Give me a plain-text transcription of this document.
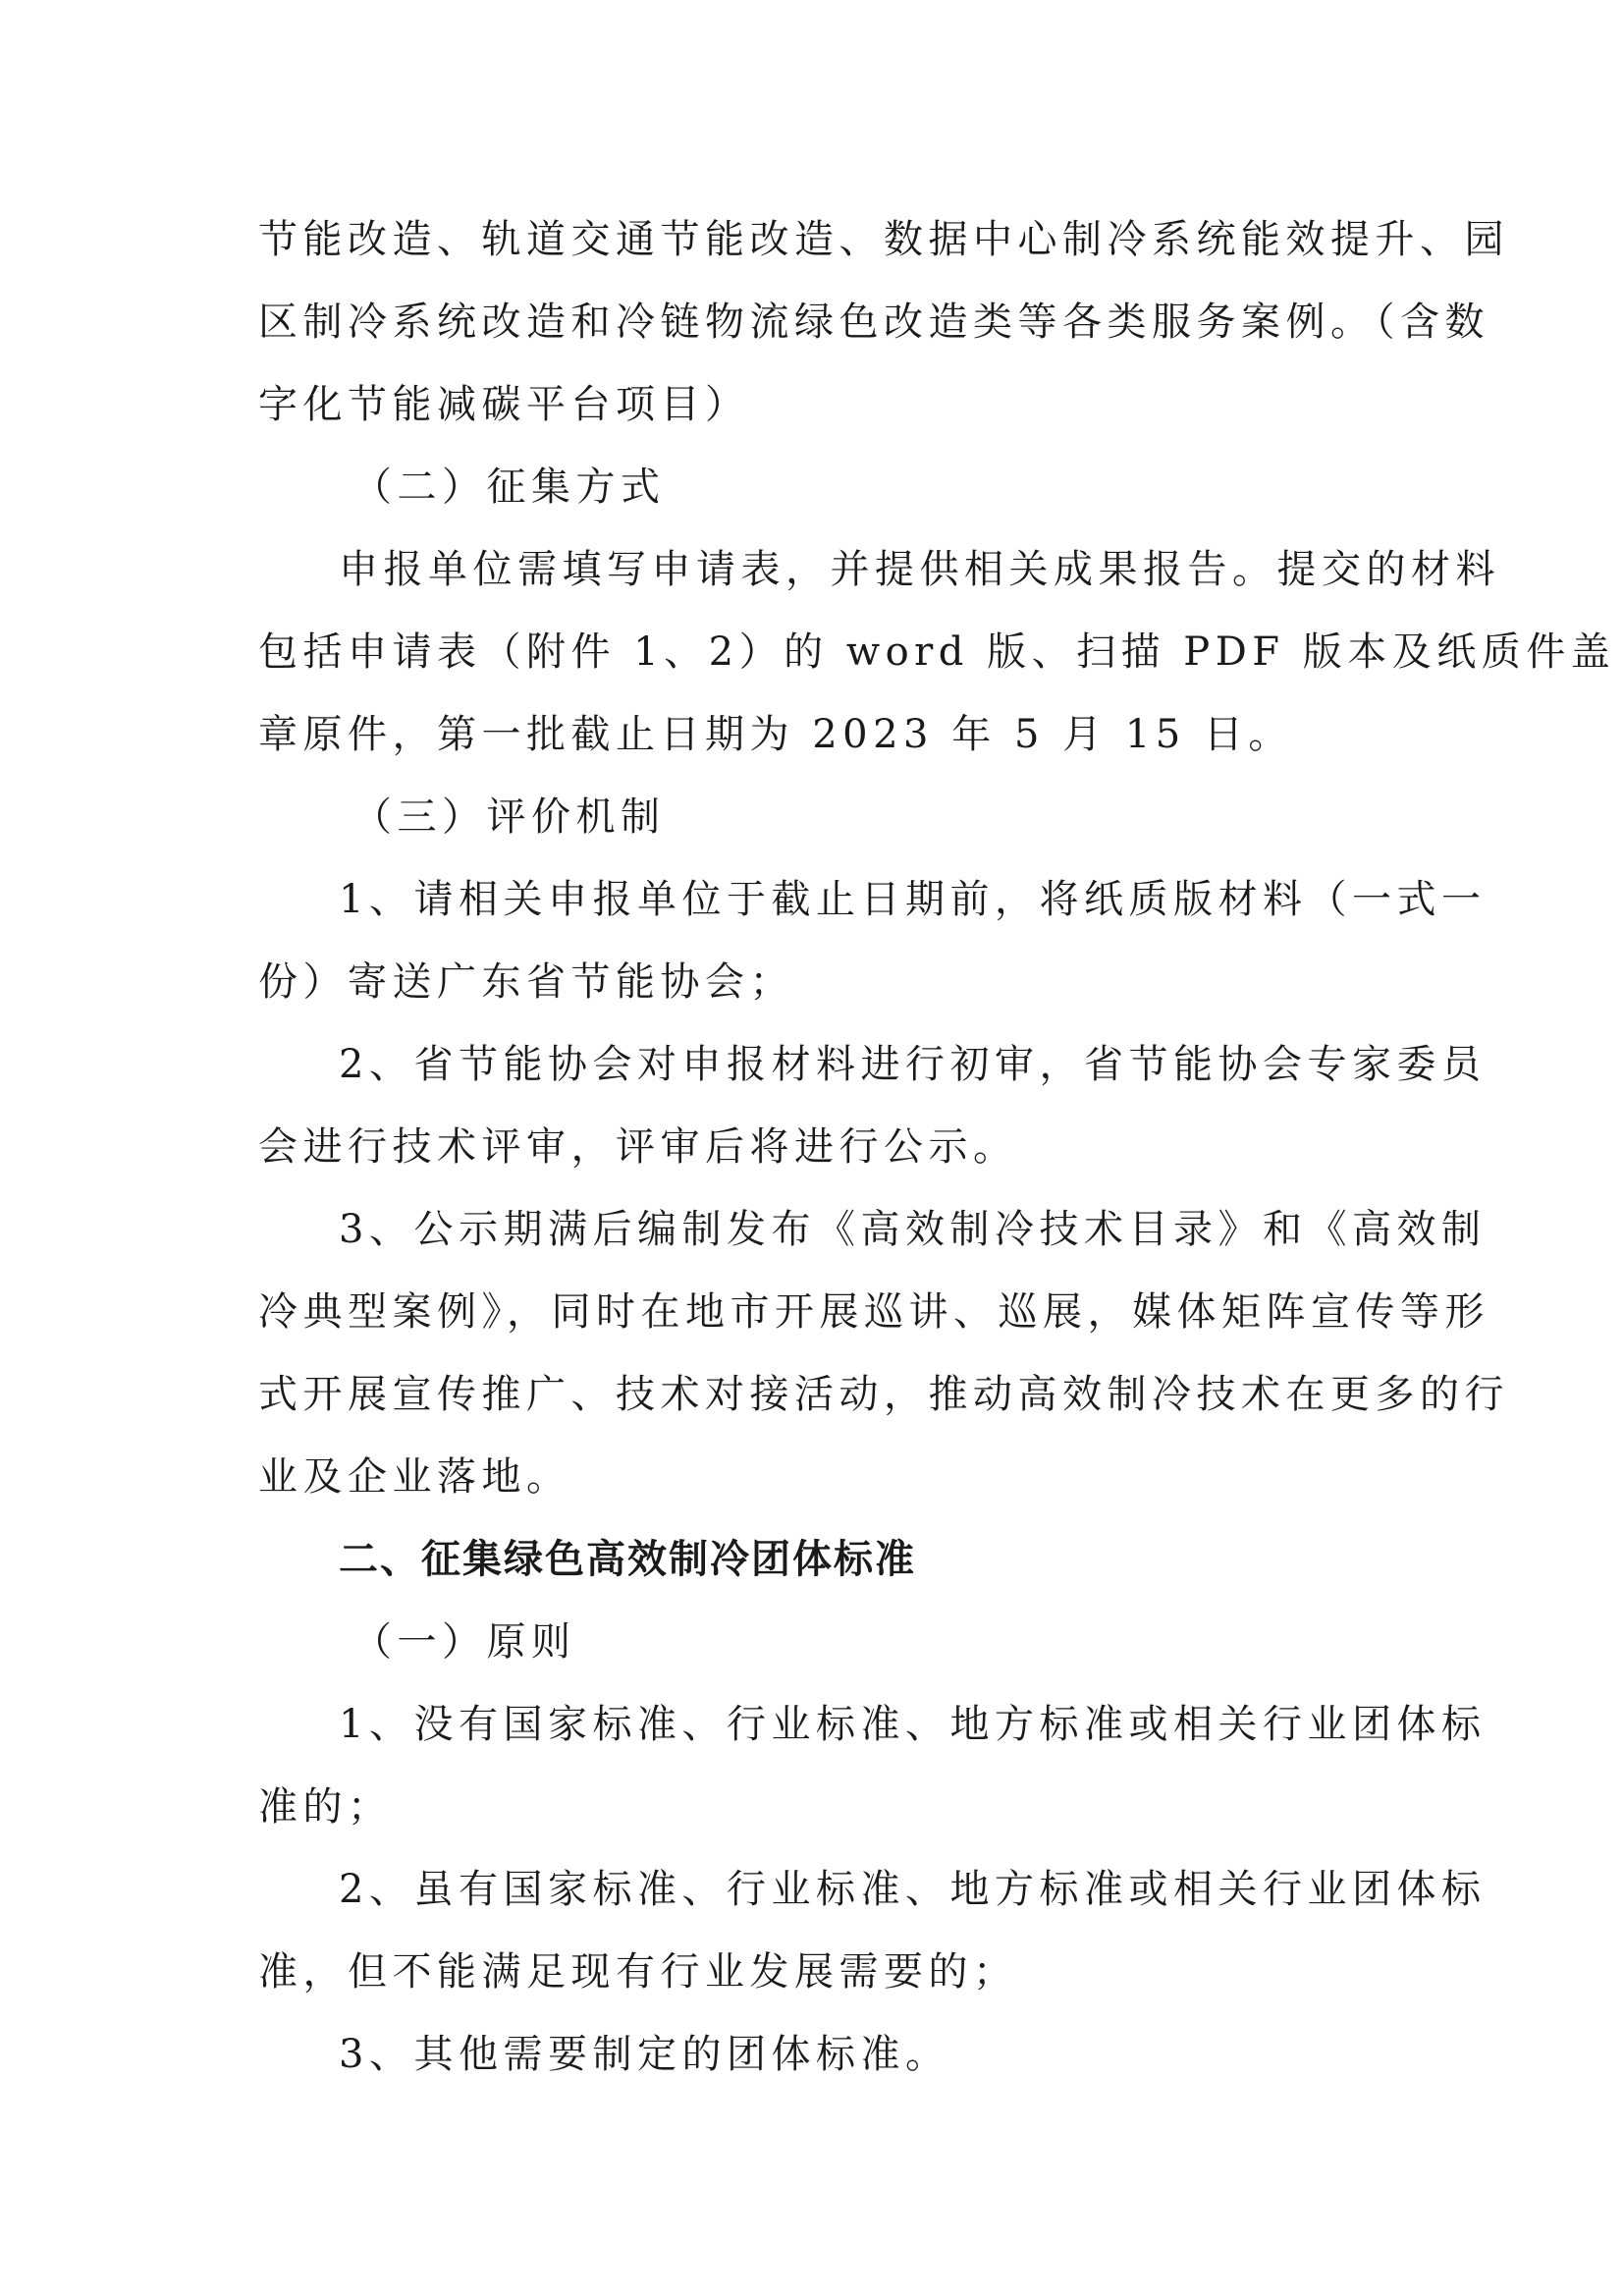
节能改造、轨道交通节能改造、数据中心制冷系统能效提升、园
区制冷系统改造和冷链物流绿色改造类等各类服务案例。（含数
字化节能减碳平台项目）
（二）征集方式
申报单位需填写申请表，并提供相关成果报告。提交的材料
包括申请表（附件 1、2）的 word 版、扫描 PDF 版本及纸质件盖
章原件，第一批截止日期为 2023 年 5 月 15 日。
（三）评价机制
1、请相关申报单位于截止日期前，将纸质版材料（一式一
份）寄送广东省节能协会；
2、省节能协会对申报材料进行初审，省节能协会专家委员
会进行技术评审，评审后将进行公示。
3、公示期满后编制发布《高效制冷技术目录》和《高效制
冷典型案例》，同时在地市开展巡讲、巡展，媒体矩阵宣传等形
式开展宣传推广、技术对接活动，推动高效制冷技术在更多的行
业及企业落地。
二、征集绿色高效制冷团体标准
（一）原则
1、没有国家标准、行业标准、地方标准或相关行业团体标
准的；
2、虽有国家标准、行业标准、地方标准或相关行业团体标
准，但不能满足现有行业发展需要的；
3、其他需要制定的团体标准。
